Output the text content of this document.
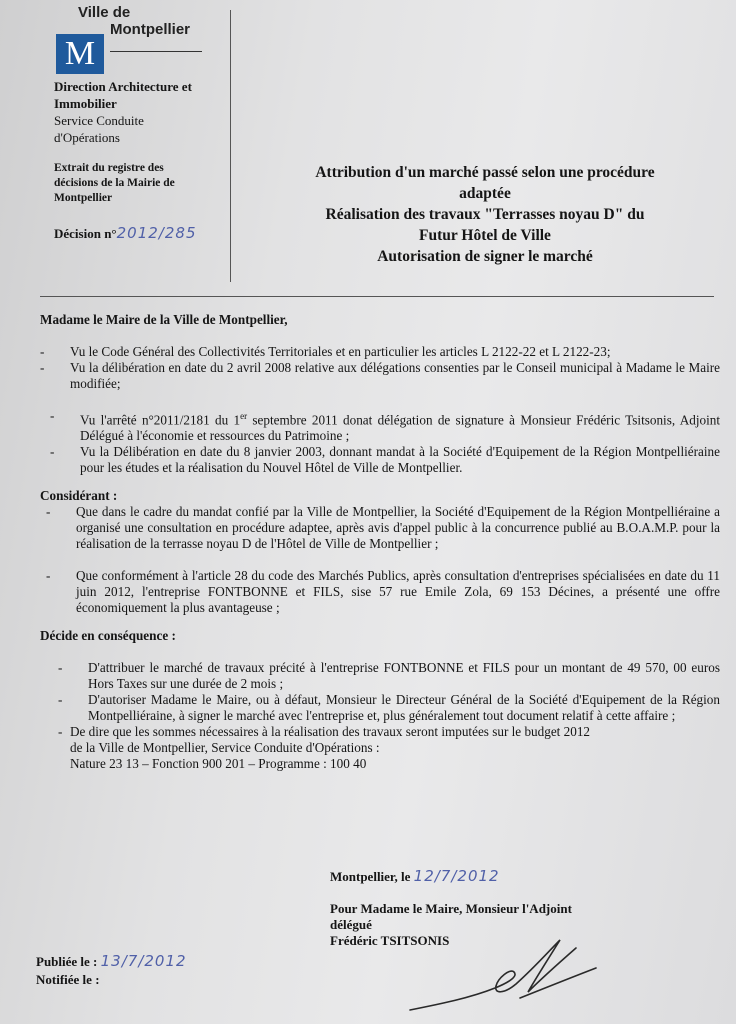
M
Ville de
Montpellier
Direction Architecture et
Immobilier
Service Conduite
d'Opérations
Extrait du registre des
décisions de la Mairie de
Montpellier
Décision n°2012/285
Attribution d'un marché passé selon une procédure
adaptée
Réalisation des travaux "Terrasses noyau D" du
Futur Hôtel de Ville
Autorisation de signer le marché
Madame le Maire de la Ville de Montpellier,
- Vu le Code Général des Collectivités Territoriales et en particulier les articles L 2122-22 et L 2122-23;
- Vu la délibération en date du 2 avril 2008 relative aux délégations consenties par le Conseil municipal à Madame le Maire modifiée;
- Vu l'arrêté n°2011/2181 du 1er septembre 2011 donat délégation de signature à Monsieur Frédéric Tsitsonis, Adjoint Délégué à l'économie et ressources du Patrimoine ;
- Vu la Délibération en date du 8 janvier 2003, donnant mandat à la Société d'Equipement de la Région Montpelliéraine pour les études et la réalisation du Nouvel Hôtel de Ville de Montpellier.
Considérant :
- Que dans le cadre du mandat confié par la Ville de Montpellier, la Société d'Equipement de la Région Montpelliéraine a organisé une consultation en procédure adaptee, après avis d'appel public à la concurrence publié au B.O.A.M.P. pour la réalisation de la terrasse noyau D de l'Hôtel de Ville de Montpellier ;
- Que conformément à l'article 28 du code des Marchés Publics, après consultation d'entreprises spécialisées en date du 11 juin 2012, l'entreprise FONTBONNE et FILS, sise 57 rue Emile Zola, 69 153 Décines, a présenté une offre économiquement la plus avantageuse ;
Décide en conséquence :
- D'attribuer le marché de travaux précité à l'entreprise FONTBONNE et FILS pour un montant de 49 570, 00 euros Hors Taxes sur une durée de 2 mois ;
- D'autoriser Madame le Maire, ou à défaut, Monsieur le Directeur Général de la Société d'Equipement de la Région Montpelliéraine, à signer le marché avec l'entreprise et, plus généralement tout document relatif à cette affaire ;
- De dire que les sommes nécessaires à la réalisation des travaux seront imputées sur le budget 2012
de la Ville de Montpellier, Service Conduite d'Opérations :
Nature 23 13 – Fonction 900 201 – Programme : 100 40
Montpellier, le 12/7/2012
Pour Madame le Maire, Monsieur l'Adjoint
délégué
Frédéric TSITSONIS
Publiée le : 13/7/2012
Notifiée le :
